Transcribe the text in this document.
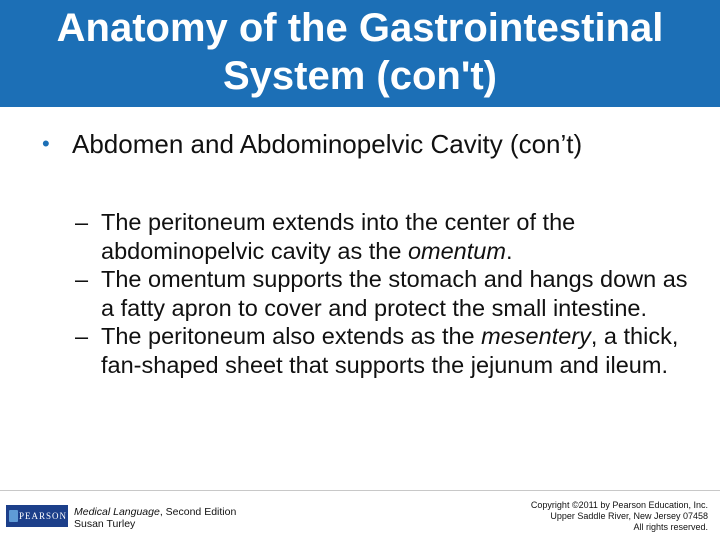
Anatomy of the Gastrointestinal
System (con't)
• Abdomen and Abdominopelvic Cavity (con’t)
– The peritoneum extends into the center of the abdominopelvic cavity as the omentum.
– The omentum supports the stomach and hangs down as a fatty apron to cover and protect the small intestine.
– The peritoneum also extends as the mesentery, a thick, fan-shaped sheet that supports the jejunum and ileum.
PEARSON Medical Language, Second Edition
Susan Turley
Copyright ©2011 by Pearson Education, Inc.
Upper Saddle River, New Jersey 07458
All rights reserved.
